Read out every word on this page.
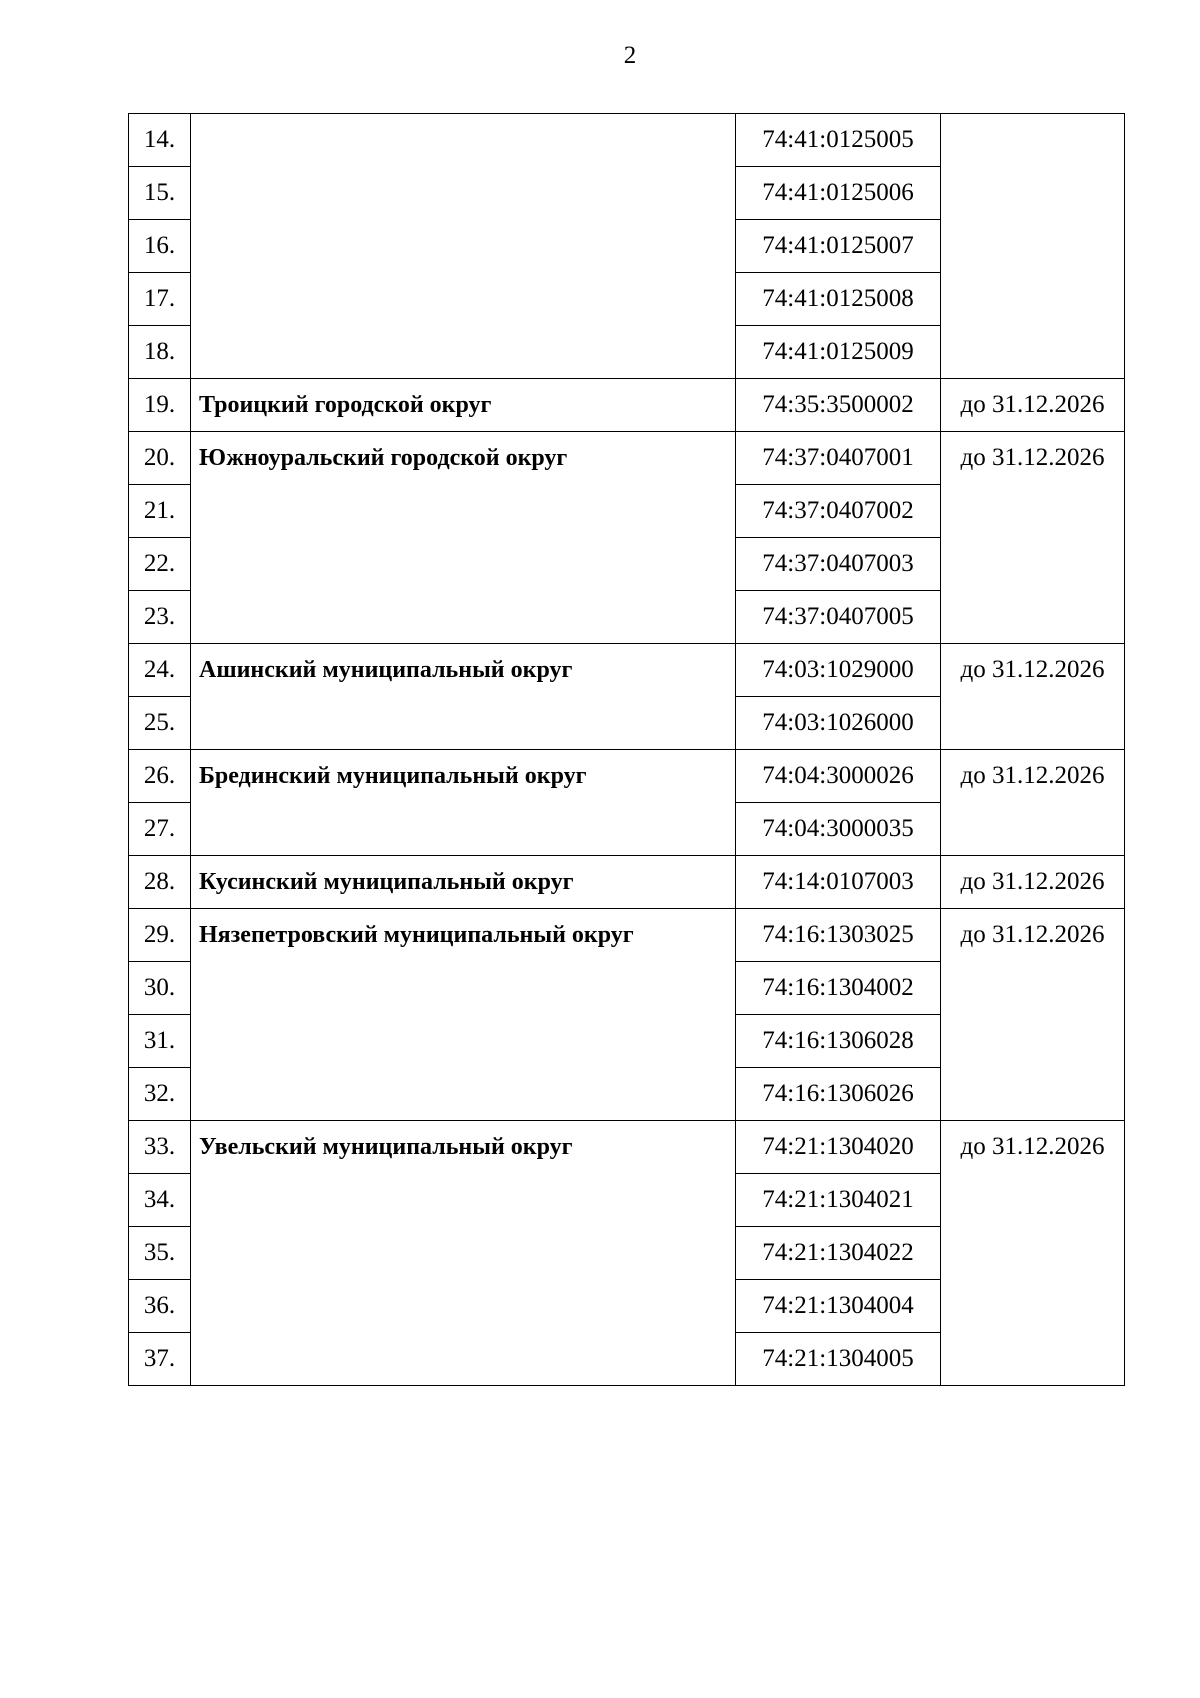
2
14.		74:41:0125005	
15.		74:41:0125006	
16.		74:41:0125007	
17.		74:41:0125008	
18.		74:41:0125009	
19.	Троицкий городской округ	74:35:3500002	до 31.12.2026
20.	Южноуральский городской округ	74:37:0407001	до 31.12.2026
21.		74:37:0407002	
22.		74:37:0407003	
23.		74:37:0407005	
24.	Ашинский муниципальный округ	74:03:1029000	до 31.12.2026
25.		74:03:1026000	
26.	Брединский муниципальный округ	74:04:3000026	до 31.12.2026
27.		74:04:3000035	
28.	Кусинский муниципальный округ	74:14:0107003	до 31.12.2026
29.	Нязепетровский муниципальный округ	74:16:1303025	до 31.12.2026
30.		74:16:1304002	
31.		74:16:1306028	
32.		74:16:1306026	
33.	Увельский муниципальный округ	74:21:1304020	до 31.12.2026
34.		74:21:1304021	
35.		74:21:1304022	
36.		74:21:1304004	
37.		74:21:1304005	
